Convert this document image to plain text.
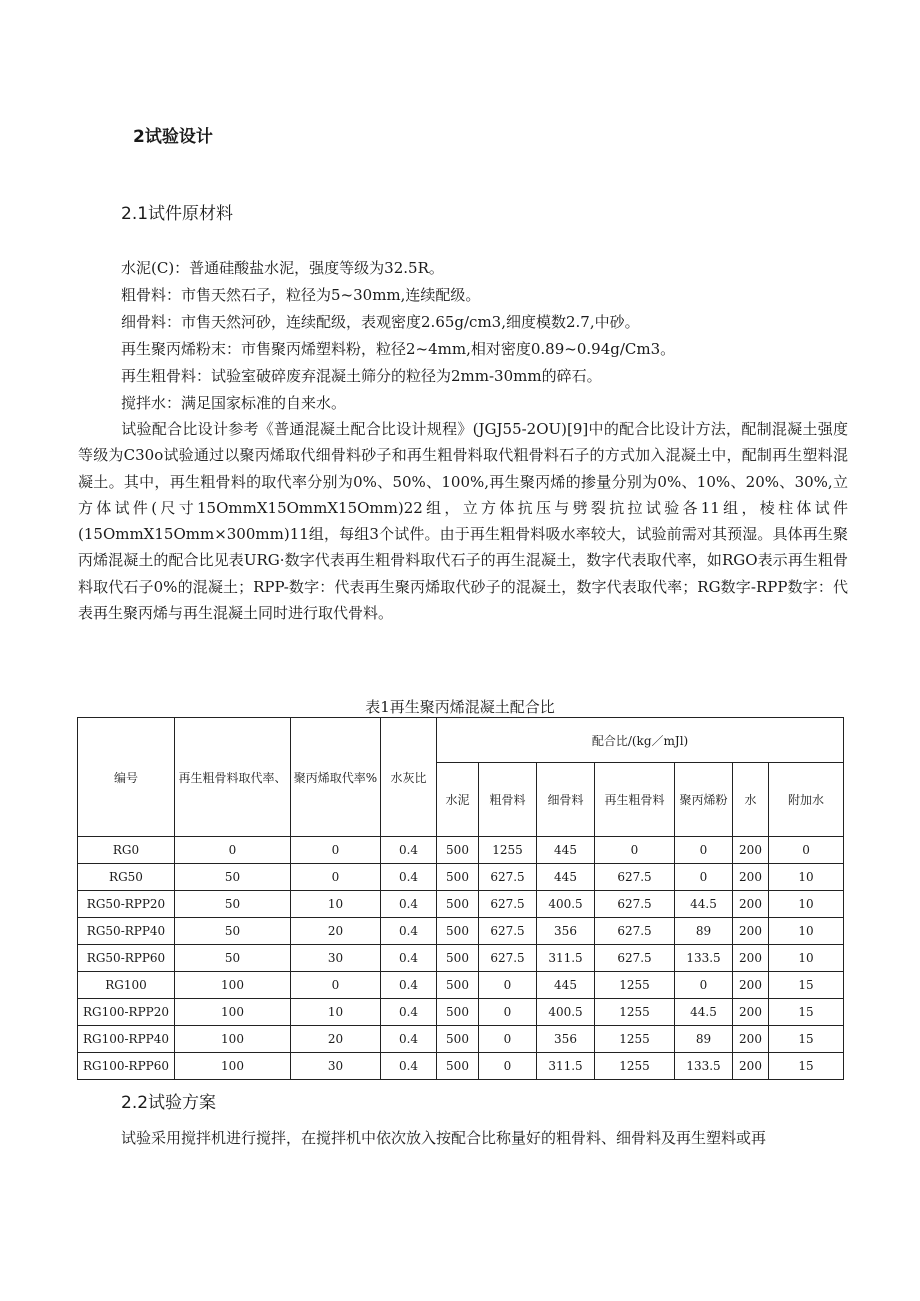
2试验设计
2.1试件原材料
水泥(C)：普通硅酸盐水泥，强度等级为32.5R。
粗骨料：市售天然石子，粒径为5~30mm,连续配级。
细骨料：市售天然河砂，连续配级，表观密度2.65g∕cm3,细度模数2.7,中砂。
再生聚丙烯粉末：市售聚丙烯塑料粉，粒径2~4mm,相对密度0.89~0.94g/Cm3。
再生粗骨料：试验室破碎废弃混凝土筛分的粒径为2mm-30mm的碎石。
搅拌水：满足国家标准的自来水。
试验配合比设计参考《普通混凝土配合比设计规程》(JGJ55-2OU)[9]中的配合比设计方法，配制混凝土强度等级为C30o试验通过以聚丙烯取代细骨料砂子和再生粗骨料取代粗骨料石子的方式加入混凝土中，配制再生塑料混凝土。其中，再生粗骨料的取代率分别为0%、50%、100%,再生聚丙烯的掺量分别为0%、10%、20%、30%,立方体试件(尺寸15OmmX15OmmX15Omm)22组，立方体抗压与劈裂抗拉试验各11组，棱柱体试件(15OmmX15Omm×300mm)11组，每组3个试件。由于再生粗骨料吸水率较大，试验前需对其预湿。具体再生聚丙烯混凝土的配合比见表URG·数字代表再生粗骨料取代石子的再生混凝土，数字代表取代率，如RGO表示再生粗骨料取代石子0%的混凝土；RPP-数字：代表再生聚丙烯取代砂子的混凝土，数字代表取代率；RG数字-RPP数字：代表再生聚丙烯与再生混凝土同时进行取代骨料。
表1再生聚丙烯混凝土配合比
编号	再生粗骨料取代率、	聚丙烯取代率%	水灰比	配合比/(kg／mJl)						
				水泥	粗骨料	细骨料	再生粗骨料	聚丙烯粉	水	附加水
RG0	0	0	0.4	500	1255	445	0	0	200	0
RG50	50	0	0.4	500	627.5	445	627.5	0	200	10
RG50-RPP20	50	10	0.4	500	627.5	400.5	627.5	44.5	200	10
RG50-RPP40	50	20	0.4	500	627.5	356	627.5	89	200	10
RG50-RPP60	50	30	0.4	500	627.5	311.5	627.5	133.5	200	10
RG100	100	0	0.4	500	0	445	1255	0	200	15
RG100-RPP20	100	10	0.4	500	0	400.5	1255	44.5	200	15
RG100-RPP40	100	20	0.4	500	0	356	1255	89	200	15
RG100-RPP60	100	30	0.4	500	0	311.5	1255	133.5	200	15
2.2试验方案
试验采用搅拌机进行搅拌，在搅拌机中依次放入按配合比称量好的粗骨料、细骨料及再生塑料或再
